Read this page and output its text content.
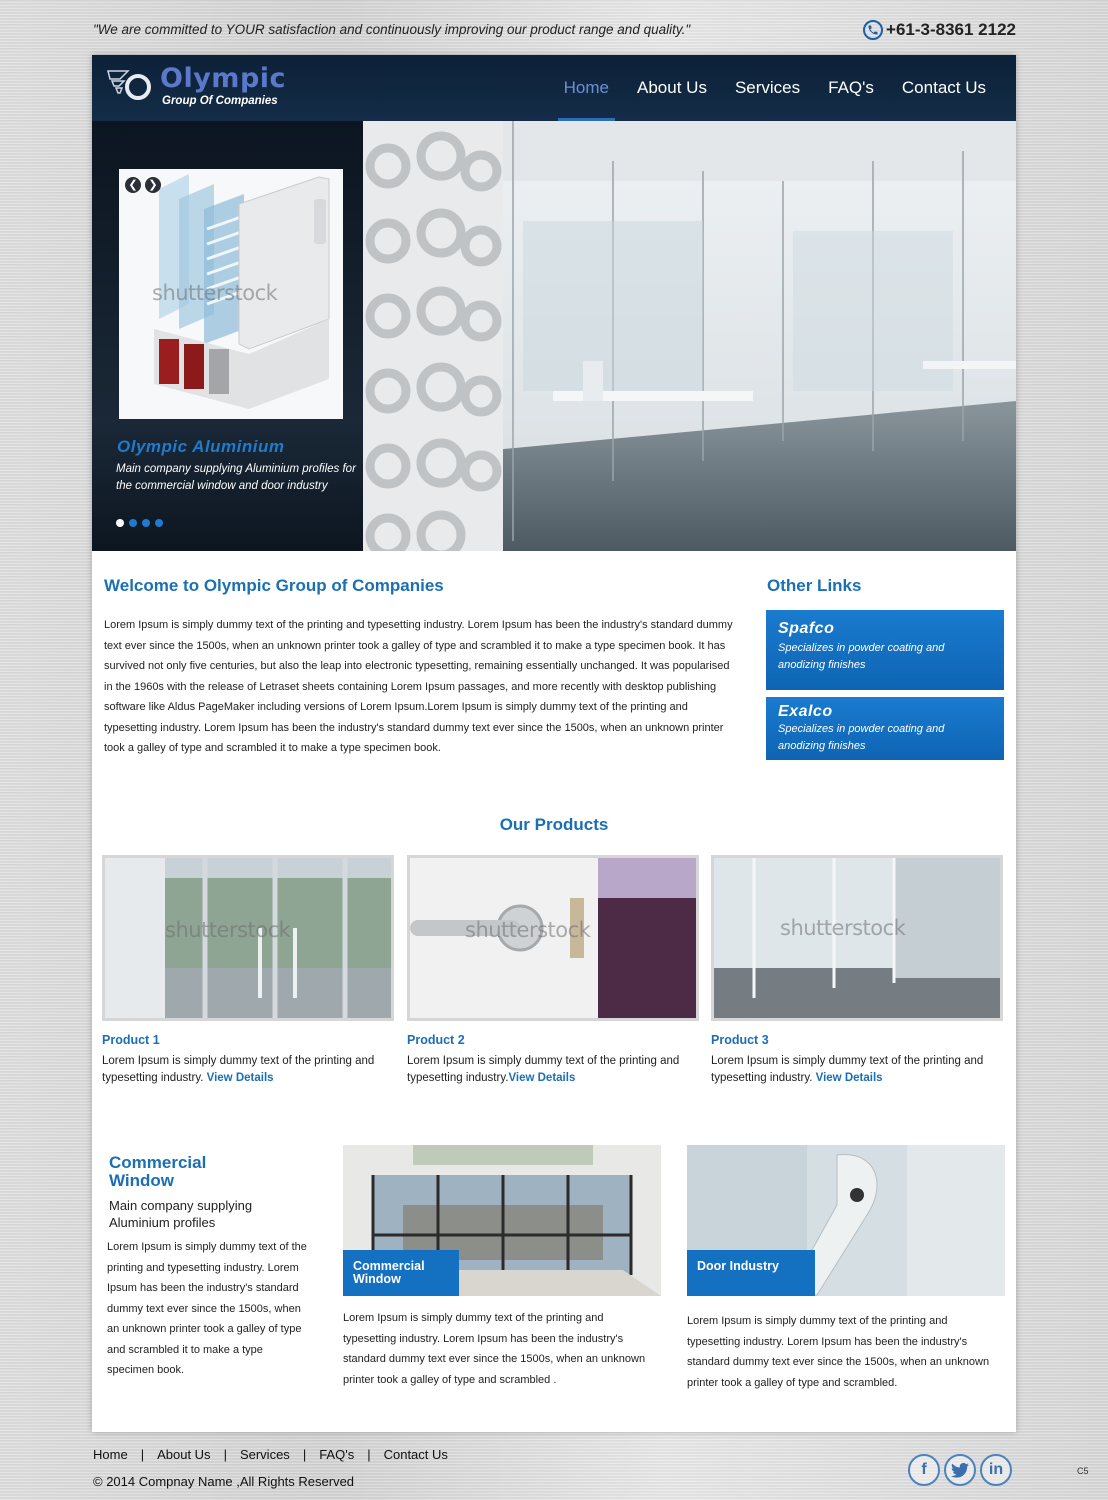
"We are committed to YOUR satisfaction and continuously improving our product range and quality."	+61-3-8361 2122
Olympic
Group Of Companies
Home	About Us	Services	FAQ's	Contact Us
❮ ❯
shutterstock
Olympic Aluminium
Main company supplying Aluminium profiles for the commercial window and door industry
Welcome to Olympic Group of Companies
Lorem Ipsum is simply dummy text of the printing and typesetting industry. Lorem Ipsum has been the industry's standard dummy text ever since the 1500s, when an unknown printer took a galley of type and scrambled it to make a type specimen book. It has survived not only five centuries, but also the leap into electronic typesetting, remaining essentially unchanged. It was popularised in the 1960s with the release of Letraset sheets containing Lorem Ipsum passages, and more recently with desktop publishing software like Aldus PageMaker including versions of Lorem Ipsum.Lorem Ipsum is simply dummy text of the printing and typesetting industry. Lorem Ipsum has been the industry's standard dummy text ever since the 1500s, when an unknown printer took a galley of type and scrambled it to make a type specimen book.
Other Links
Spafco
Specializes in powder coating and anodizing finishes
Exalco
Specializes in powder coating and anodizing finishes
Our Products
shutterstock
Product 1
Lorem Ipsum is simply dummy text of the printing and typesetting industry. View Details
shutterstock
Product 2
Lorem Ipsum is simply dummy text of the printing and typesetting industry.View Details
shutterstock
Product 3
Lorem Ipsum is simply dummy text of the printing and typesetting industry. View Details
Commercial Window
Main company supplying Aluminium profiles
Lorem Ipsum is simply dummy text of the printing and typesetting industry. Lorem Ipsum has been the industry's standard dummy text ever since the 1500s, when an unknown printer took a galley of type and scrambled it to make a type specimen book.
Commercial Window
Lorem Ipsum is simply dummy text of the printing and typesetting industry. Lorem Ipsum has been the industry's standard dummy text ever since the 1500s, when an unknown printer took a galley of type and scrambled .
Door Industry
Lorem Ipsum is simply dummy text of the printing and typesetting industry. Lorem Ipsum has been the industry's standard dummy text ever since the 1500s, when an unknown printer took a galley of type and scrambled.
Home | About Us | Services | FAQ's | Contact Us
© 2014 Compnay Name ,All Rights Reserved
f	in	C5
